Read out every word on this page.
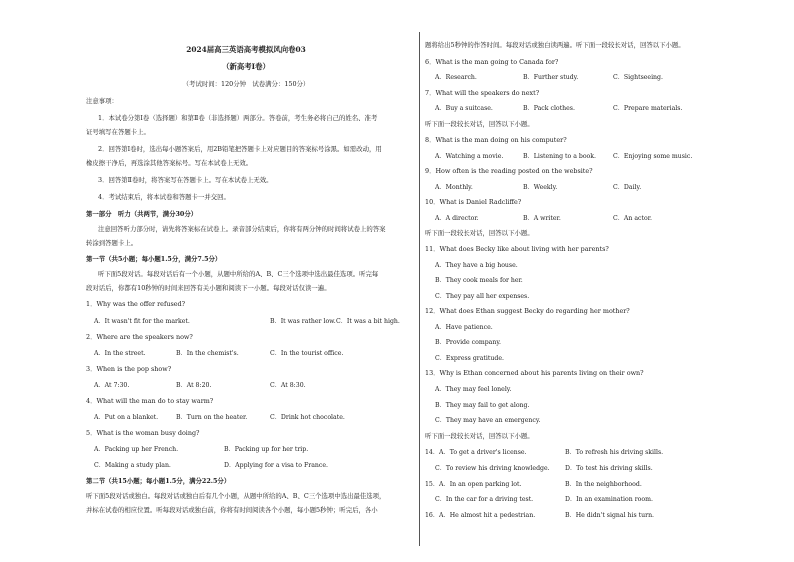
2024届高三英语高考模拟风向卷03
（新高考I卷）
（考试时间：120分钟　试卷满分：150分）
注意事项：
1．本试卷分第Ⅰ卷（选择题）和第Ⅱ卷（非选择题）两部分。答卷前，考生务必将自己的姓名、准考
证号填写在答题卡上。
2．回答第Ⅰ卷时，选出每小题答案后，用2B铅笔把答题卡上对应题目的答案标号涂黑。如需改动，用
橡皮擦干净后，再选涂其他答案标号。写在本试卷上无效。
3．回答第Ⅱ卷时，将答案写在答题卡上。写在本试卷上无效。
4．考试结束后，将本试卷和答题卡一并交回。
第一部分　听力（共两节，满分30分）
注意回答听力部分时，请先将答案标在试卷上。录音部分结束后，你将有两分钟的时间将试卷上的答案
转涂到答题卡上。
第一节（共5小题；每小题1.5分，满分7.5分）
听下面5段对话。每段对话后有一个小题，从题中所给的A、B、C三个选项中选出最佳选项。听完每
段对话后，你都有10秒钟的时间来回答有关小题和阅读下一小题。每段对话仅读一遍。
1．Why was the offer refused?
A．It wasn't fit for the market.	B．It was rather low. C．It was a bit high.
2．Where are the speakers now?
A．In the street.	B．In the chemist's.	C．In the tourist office.
3．When is the pop show?
A．At 7:30.	B．At 8:20.	C．At 8:30.
4．What will the man do to stay warm?
A．Put on a blanket.	B．Turn on the heater.	C．Drink hot chocolate.
5．What is the woman busy doing?
A．Packing up her French.	B．Packing up for her trip.
C．Making a study plan.	D．Applying for a visa to France.
第二节（共15小题；每小题1.5分，满分22.5分）
听下面5段对话或独白。每段对话或独白后有几个小题，从题中所给的A、B、C三个选项中选出最佳选项，
并标在试卷的相应位置。听每段对话或独白前，你将有时间阅读各个小题，每小题5秒钟；听完后，各小
题将给出5秒钟的作答时间。每段对话或独白读两遍。听下面一段较长对话，回答以下小题。
6．What is the man going to Canada for?
A．Research.	B．Further study.	C．Sightseeing.
7．What will the speakers do next?
A．Buy a suitcase.	B．Pack clothes.	C．Prepare materials.
听下面一段较长对话，回答以下小题。
8．What is the man doing on his computer?
A．Watching a movie.	B．Listening to a book.	C．Enjoying some music.
9．How often is the reading posted on the website?
A．Monthly.	B．Weekly.	C．Daily.
10．What is Daniel Radcliffe?
A．A director.	B．A writer.	C．An actor.
听下面一段较长对话，回答以下小题。
11．What does Becky like about living with her parents?
A．They have a big house.
B．They cook meals for her.
C．They pay all her expenses.
12．What does Ethan suggest Becky do regarding her mother?
A．Have patience.
B．Provide company.
C．Express gratitude.
13．Why is Ethan concerned about his parents living on their own?
A．They may feel lonely.
B．They may fail to get along.
C．They may have an emergency.
听下面一段较长对话，回答以下小题。
14．A．To get a driver's license.	B．To refresh his driving skills.
C．To review his driving knowledge. D．To test his driving skills.
15．A．In an open parking lot.	B．In the neighborhood.
C．In the car for a driving test.	D．In an examination room.
16．A．He almost hit a pedestrian.	B．He didn't signal his turn.
